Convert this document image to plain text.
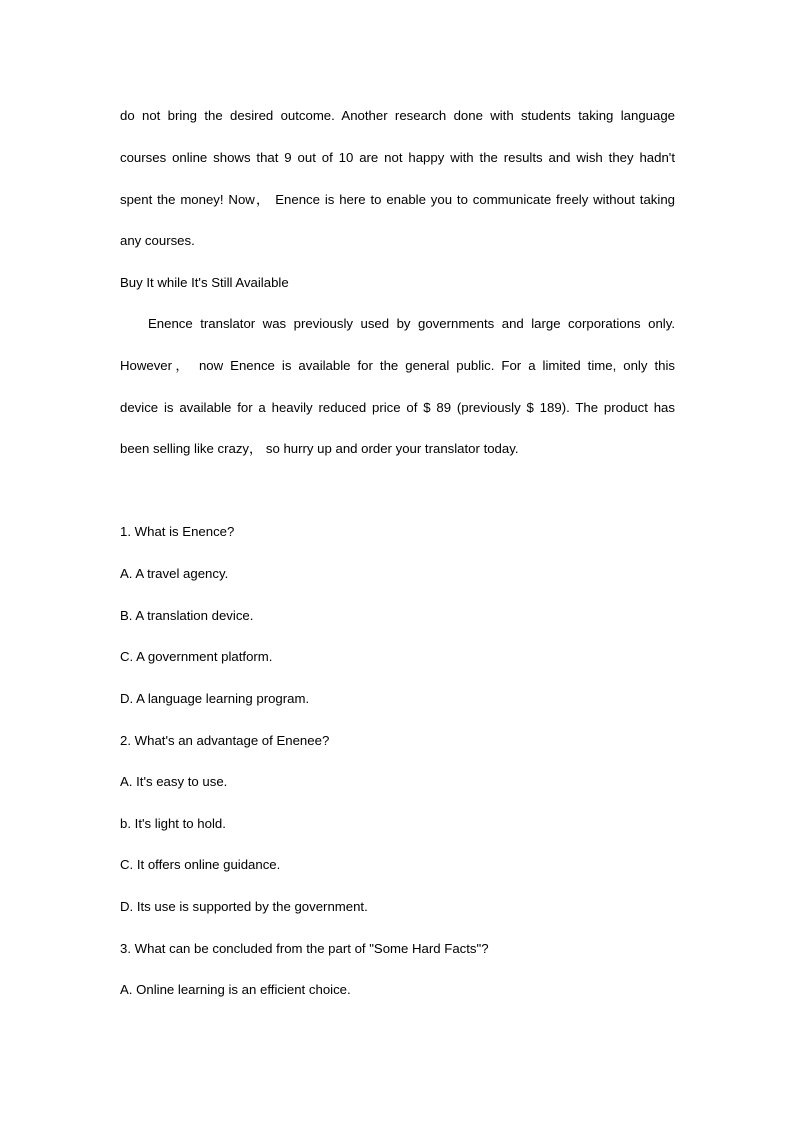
do not bring the desired outcome. Another research done with students taking language
courses online shows that 9 out of 10 are not happy with the results and wish they hadn't
spent the money! Now， Enence is here to enable you to communicate freely without taking
any courses.
Buy It while It's Still Available
Enence translator was previously used by governments and large corporations only.
However， now Enence is available for the general public. For a limited time, only this
device is available for a heavily reduced price of $ 89 (previously $ 189). The product has
been selling like crazy， so hurry up and order your translator today.
1. What is Enence?
A. A travel agency.
B. A translation device.
C. A government platform.
D. A language learning program.
2. What's an advantage of Enenee?
A. It's easy to use.
b. It's light to hold.
C. It offers online guidance.
D. Its use is supported by the government.
3. What can be concluded from the part of "Some Hard Facts"?
A. Online learning is an efficient choice.
